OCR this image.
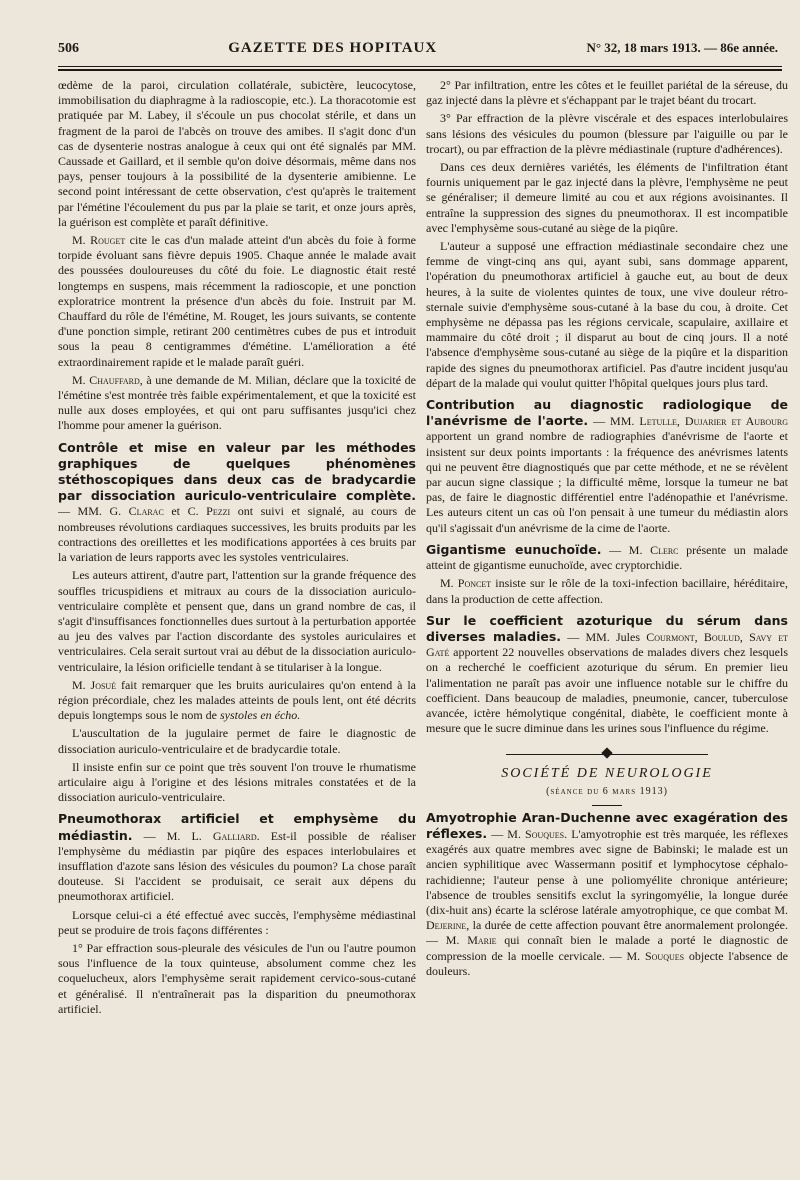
506	GAZETTE DES HOPITAUX	N° 32, 18 mars 1913. — 86e année.

œdème de la paroi, circulation collatérale, subictère, leucocytose, immobilisation du diaphragme à la radioscopie, etc.). La thoracotomie est pratiquée par M. Labey, il s'écoule un pus chocolat stérile, et dans un fragment de la paroi de l'abcès on trouve des amibes. Il s'agit donc d'un cas de dysenterie nostras analogue à ceux qui ont été signalés par MM. Caussade et Gaillard, et il semble qu'on doive désormais, même dans nos pays, penser toujours à la possibilité de la dysenterie amibienne. Le second point intéressant de cette observation, c'est qu'après le traitement par l'émétine l'écoulement du pus par la plaie se tarit, et onze jours après, la guérison est complète et paraît définitive.

M. Rouget cite le cas d'un malade atteint d'un abcès du foie à forme torpide évoluant sans fièvre depuis 1905. Chaque année le malade avait des poussées douloureuses du côté du foie. Le diagnostic était resté longtemps en suspens, mais récemment la radioscopie, et une ponction exploratrice montrent la présence d'un abcès du foie. Instruit par M. Chauffard du rôle de l'émétine, M. Rouget, les jours suivants, se contente d'une ponction simple, retirant 200 centimètres cubes de pus et introduit sous la peau 8 centigrammes d'émétine. L'amélioration a été extraordinairement rapide et le malade paraît guéri.

M. Chauffard, à une demande de M. Milian, déclare que la toxicité de l'émétine s'est montrée très faible expérimentalement, et que la toxicité est nulle aux doses employées, et qui ont paru suffisantes jusqu'ici chez l'homme pour amener la guérison.

Contrôle et mise en valeur par les méthodes graphiques de quelques phénomènes stéthoscopiques dans deux cas de bradycardie par dissociation auriculo-ventriculaire complète. — MM. G. Clarac et C. Pezzi ont suivi et signalé, au cours de nombreuses révolutions cardiaques successives, les bruits produits par les contractions des oreillettes et les modifications apportées à ces bruits par la variation de leurs rapports avec les systoles ventriculaires.

Les auteurs attirent, d'autre part, l'attention sur la grande fréquence des souffles tricuspidiens et mitraux au cours de la dissociation auriculo-ventriculaire complète et pensent que, dans un grand nombre de cas, il s'agit d'insuffisances fonctionnelles dues surtout à la perturbation apportée au jeu des valves par l'action discordante des systoles auriculaires et ventriculaires. Cela serait surtout vrai au début de la dissociation auriculo-ventriculaire, la lésion orificielle tendant à se titulariser à la longue.

M. Josué fait remarquer que les bruits auriculaires qu'on entend à la région précordiale, chez les malades atteints de pouls lent, ont été décrits depuis longtemps sous le nom de systoles en écho.

L'auscultation de la jugulaire permet de faire le diagnostic de dissociation auriculo-ventriculaire et de bradycardie totale.

Il insiste enfin sur ce point que très souvent l'on trouve le rhumatisme articulaire aigu à l'origine et des lésions mitrales constatées et de la dissociation auriculo-ventriculaire.

Pneumothorax artificiel et emphysème du médiastin. — M. L. Galliard. Est-il possible de réaliser l'emphysème du médiastin par piqûre des espaces interlobulaires et insufflation d'azote sans lésion des vésicules du poumon? La chose paraît douteuse. Si l'accident se produisait, ce serait aux dépens du pneumothorax artificiel.

Lorsque celui-ci a été effectué avec succès, l'emphysème médiastinal peut se produire de trois façons différentes :

1° Par effraction sous-pleurale des vésicules de l'un ou l'autre poumon sous l'influence de la toux quinteuse, absolument comme chez les coquelucheux, alors l'emphysème serait rapidement cervico-sous-cutané et généralisé. Il n'entraînerait pas la disparition du pneumothorax artificiel.

2° Par infiltration, entre les côtes et le feuillet pariétal de la séreuse, du gaz injecté dans la plèvre et s'échappant par le trajet béant du trocart.

3° Par effraction de la plèvre viscérale et des espaces interlobulaires sans lésions des vésicules du poumon (blessure par l'aiguille ou par le trocart), ou par effraction de la plèvre médiastinale (rupture d'adhérences).

Dans ces deux dernières variétés, les éléments de l'infiltration étant fournis uniquement par le gaz injecté dans la plèvre, l'emphysème ne peut se généraliser; il demeure limité au cou et aux régions avoisinantes. Il entraîne la suppression des signes du pneumothorax. Il est incompatible avec l'emphysème sous-cutané au siège de la piqûre.

L'auteur a supposé une effraction médiastinale secondaire chez une femme de vingt-cinq ans qui, ayant subi, sans dommage apparent, l'opération du pneumothorax artificiel à gauche eut, au bout de deux heures, à la suite de violentes quintes de toux, une vive douleur rétro-sternale suivie d'emphysème sous-cutané à la base du cou, à droite. Cet emphysème ne dépassa pas les régions cervicale, scapulaire, axillaire et mammaire du côté droit ; il disparut au bout de cinq jours. Il a noté l'absence d'emphysème sous-cutané au siège de la piqûre et la disparition rapide des signes du pneumothorax artificiel. Pas d'autre incident jusqu'au départ de la malade qui voulut quitter l'hôpital quelques jours plus tard.

Contribution au diagnostic radiologique de l'anévrisme de l'aorte. — MM. Letulle, Dujarier et Aubourg apportent un grand nombre de radiographies d'anévrisme de l'aorte et insistent sur deux points importants : la fréquence des anévrismes latents qui ne peuvent être diagnostiqués que par cette méthode, et ne se révèlent par aucun signe classique ; la difficulté même, lorsque la tumeur ne bat pas, de faire le diagnostic différentiel entre l'adénopathie et l'anévrisme. Les auteurs citent un cas où l'on pensait à une tumeur du médiastin alors qu'il s'agissait d'un anévrisme de la cime de l'aorte.

Gigantisme eunuchoïde. — M. Clerc présente un malade atteint de gigantisme eunuchoïde, avec cryptorchidie.

M. Poncet insiste sur le rôle de la toxi-infection bacillaire, héréditaire, dans la production de cette affection.

Sur le coefficient azoturique du sérum dans diverses maladies. — MM. Jules Courmont, Boulud, Savy et Gaté apportent 22 nouvelles observations de malades divers chez lesquels on a recherché le coefficient azoturique du sérum. En premier lieu l'alimentation ne paraît pas avoir une influence notable sur le chiffre du coefficient. Dans beaucoup de maladies, pneumonie, cancer, tuberculose avancée, ictère hémolytique congénital, diabète, le coefficient monte à mesure que le sucre diminue dans les urines sous l'influence du régime.

SOCIÉTÉ DE NEUROLOGIE
(séance du 6 mars 1913)

Amyotrophie Aran-Duchenne avec exagération des réflexes. — M. Souques. L'amyotrophie est très marquée, les réflexes exagérés aux quatre membres avec signe de Babinski; le malade est un ancien syphilitique avec Wassermann positif et lymphocytose céphalo-rachidienne; l'auteur pense à une poliomyélite chronique antérieure; l'absence de troubles sensitifs exclut la syringomyélie, la longue durée (dix-huit ans) écarte la sclérose latérale amyotrophique, ce que combat M. Dejerine, la durée de cette affection pouvant être anormalement prolongée. — M. Marie qui connaît bien le malade a porté le diagnostic de compression de la moelle cervicale. — M. Souques objecte l'absence de douleurs.
